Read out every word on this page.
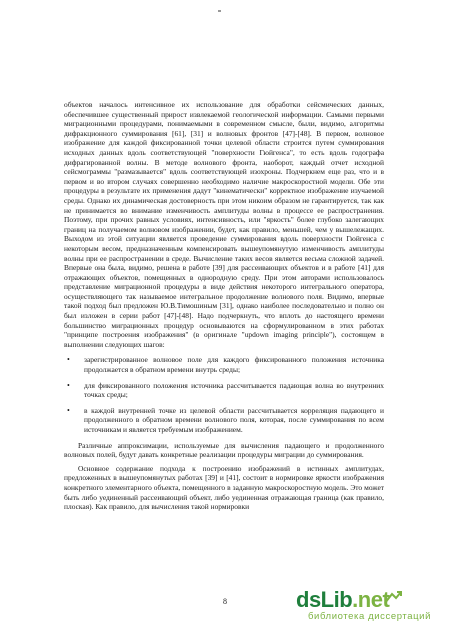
объектов началось интенсивное их использование для обработки сейсмических данных, обеспечившее существенный прирост извлекаемой геологической информации. Самыми первыми миграционными процедурами, понимаемыми в современном смысле, были, видимо, алгоритмы дифракционного суммирования [61], [31] и волновых фронтов [47]-[48]. В первом, волновое изображение для каждой фиксированной точки целевой области строится путем суммирования исходных данных вдоль соответствующей "поверхности Гюйгенса", то есть вдоль годографа дифрагированной волны. В методе волнового фронта, наоборот, каждый отчет исходной сейсмограммы "размазывается" вдоль соответствующей изохроны. Подчеркнем еще раз, что и в первом и во втором случаях совершенно необходимо наличие макроскоростной модели. Обе эти процедуры в результате их применения дадут "кинематически" корректное изображение изучаемой среды. Однако их динамическая достоверность при этом никоим образом не гарантируется, так как не принимается во внимание изменчивость амплитуды волны в процессе ее распространения. Поэтому, при прочих равных условиях, интенсивность, или "яркость" более глубоко залегающих границ на получаемом волновом изображении, будет, как правило, меньшей, чем у вышележащих. Выходом из этой ситуации является проведение суммирования вдоль поверхности Гюйгенса с некоторым весом, предназначенным компенсировать вышеупомянутую изменчивость амплитуды волны при ее распространении в среде. Вычисление таких весов является весьма сложной задачей. Впервые она была, видимо, решена в работе [39] для рассеивающих объектов и в работе [41] для отражающих объектов, помещенных в однородную среду. При этом авторами использовалось представление миграционной процедуры в виде действия некоторого интегрального оператора, осуществляющего так называемое интегральное продолжение волнового поля. Видимо, впервые такой подход был предложен Ю.В.Тимошиным [31], однако наиболее последовательно и полно он был изложен в серии работ [47]-[48]. Надо подчеркнуть, что вплоть до настоящего времени большинство миграционных процедур основываются на сформулированном в этих работах "принципе построения изображения" (в оригинале "updown imaging principle"), состоящем в выполнении следующих шагов:

• зарегистрированное волновое поле для каждого фиксированного положения источника продолжается в обратном времени внутрь среды;
• для фиксированного положения источника рассчитывается падающая волна во внутренних точках среды;
• в каждой внутренней точке из целевой области рассчитывается корреляция падающего и продолженного в обратном времени волнового поля, которая, после суммирования по всем источникам и является требуемым изображением.

Различные аппроксимации, используемые для вычисления падающего и продолженного волновых полей, будут давать конкретные реализации процедуры миграции до суммирования.

Основное содержание подхода к построению изображений в истинных амплитудах, предложенных в вышеупомянутых работах [39] и [41], состоит в нормировке яркости изображения конкретного элементарного объекта, помещенного в заданную макроскоростную модель. Это может быть либо уединенный рассеивающий объект, либо уединенная отражающая граница (как правило, плоская). Как правило, для вычисления такой нормировки

8	dsLib.net
библиотека диссертаций
